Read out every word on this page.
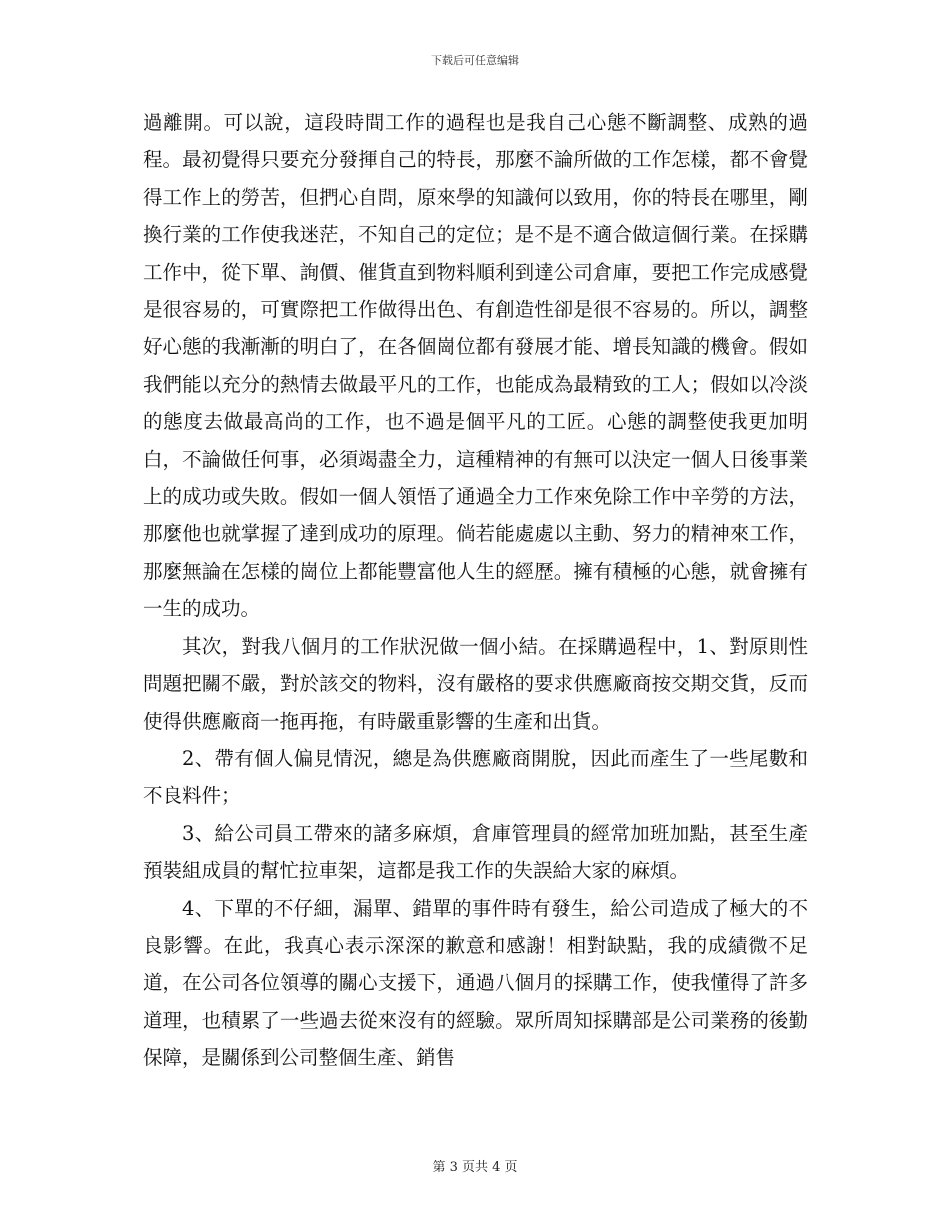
下载后可任意编辑

過離開。可以說，這段時間工作的過程也是我自己心態不斷調整、成熟的過程。最初覺得只要充分發揮自己的特長，那麼不論所做的工作怎樣，都不會覺得工作上的勞苦，但捫心自問，原來學的知識何以致用，你的特長在哪里，剛換行業的工作使我迷茫，不知自己的定位；是不是不適合做這個行業。在採購工作中，從下單、詢價、催貨直到物料順利到達公司倉庫，要把工作完成感覺是很容易的，可實際把工作做得出色、有創造性卻是很不容易的。所以，調整好心態的我漸漸的明白了，在各個崗位都有發展才能、增長知識的機會。假如我們能以充分的熱情去做最平凡的工作，也能成為最精致的工人；假如以冷淡的態度去做最高尚的工作，也不過是個平凡的工匠。心態的調整使我更加明白，不論做任何事，必須竭盡全力，這種精神的有無可以決定一個人日後事業上的成功或失敗。假如一個人領悟了通過全力工作來免除工作中辛勞的方法，那麼他也就掌握了達到成功的原理。倘若能處處以主動、努力的精神來工作，那麼無論在怎樣的崗位上都能豐富他人生的經歷。擁有積極的心態，就會擁有一生的成功。

其次，對我八個月的工作狀況做一個小結。在採購過程中，1、對原則性問題把關不嚴，對於該交的物料，沒有嚴格的要求供應廠商按交期交貨，反而使得供應廠商一拖再拖，有時嚴重影響的生產和出貨。

2、帶有個人偏見情況，總是為供應廠商開脫，因此而產生了一些尾數和不良料件；

3、給公司員工帶來的諸多麻煩，倉庫管理員的經常加班加點，甚至生產預裝組成員的幫忙拉車架，這都是我工作的失誤給大家的麻煩。

4、下單的不仔細，漏單、錯單的事件時有發生，給公司造成了極大的不良影響。在此，我真心表示深深的歉意和感謝！相對缺點，我的成績微不足道，在公司各位領導的關心支援下，通過八個月的採購工作，使我懂得了許多道理，也積累了一些過去從來沒有的經驗。眾所周知採購部是公司業務的後勤保障，是關係到公司整個生產、銷售

第 3 页共 4 页
